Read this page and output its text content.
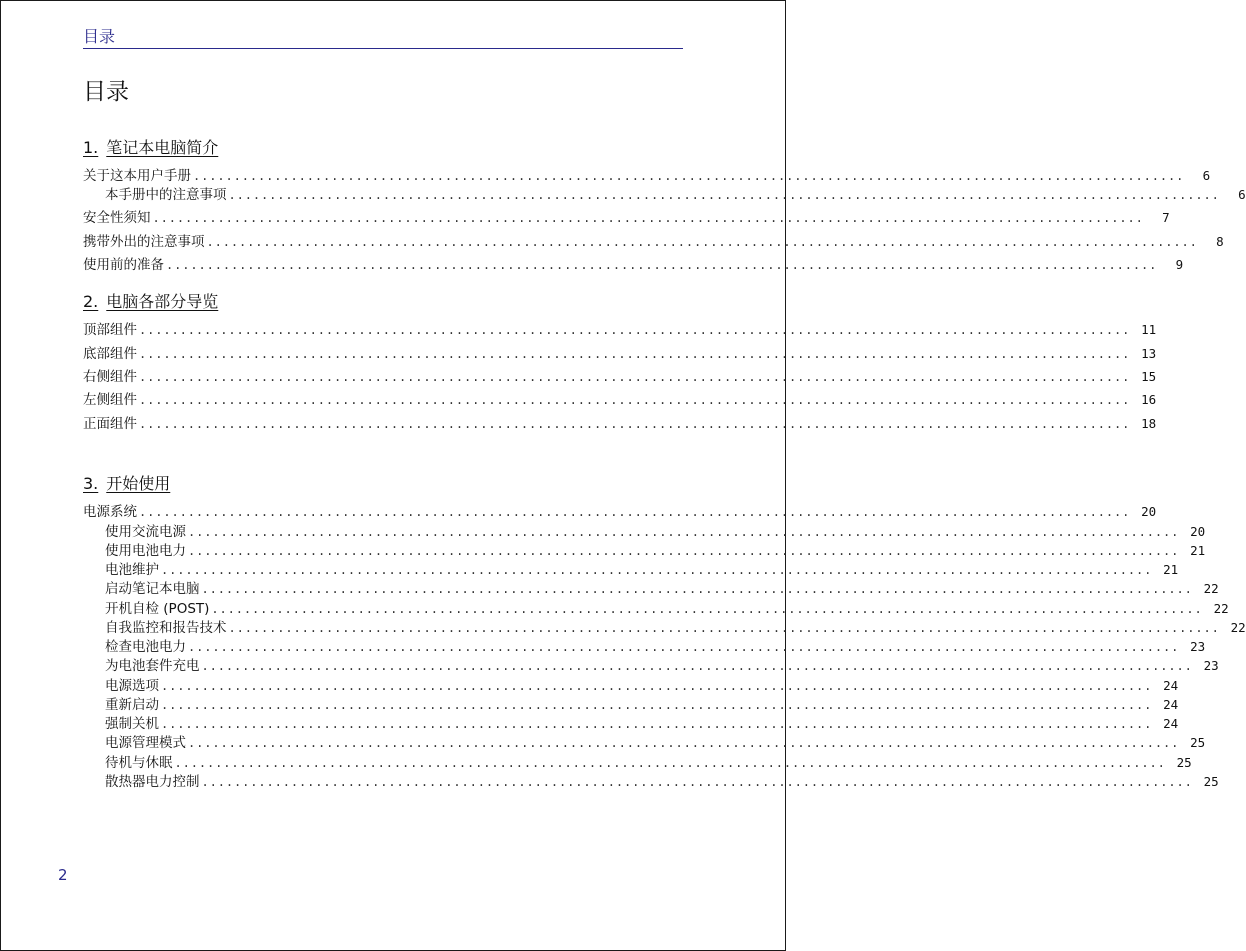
目录
目录
1. 笔记本电脑简介
关于这本用户手册 ..........................................................................................................................	6
本手册中的注意事项 ..........................................................................................................................	6
安全性须知 ..........................................................................................................................	7
携带外出的注意事项 ..........................................................................................................................	8
使用前的准备 ..........................................................................................................................	9
2. 电脑各部分导览
顶部组件 .......................................................................................................................... 11
底部组件 .......................................................................................................................... 13
右侧组件 .......................................................................................................................... 15
左侧组件 .......................................................................................................................... 16
正面组件 .......................................................................................................................... 18
3. 开始使用
电源系统 .......................................................................................................................... 20
使用交流电源 .......................................................................................................................... 20
使用电池电力 .......................................................................................................................... 21
电池维护 .......................................................................................................................... 21
启动笔记本电脑 .......................................................................................................................... 22
开机自检 (POST) .......................................................................................................................... 22
自我监控和报告技术 .......................................................................................................................... 22
检查电池电力 .......................................................................................................................... 23
为电池套件充电 .......................................................................................................................... 23
电源选项 .......................................................................................................................... 24
重新启动 .......................................................................................................................... 24
强制关机 .......................................................................................................................... 24
电源管理模式 .......................................................................................................................... 25
待机与休眠 .......................................................................................................................... 25
散热器电力控制 .......................................................................................................................... 25
2
